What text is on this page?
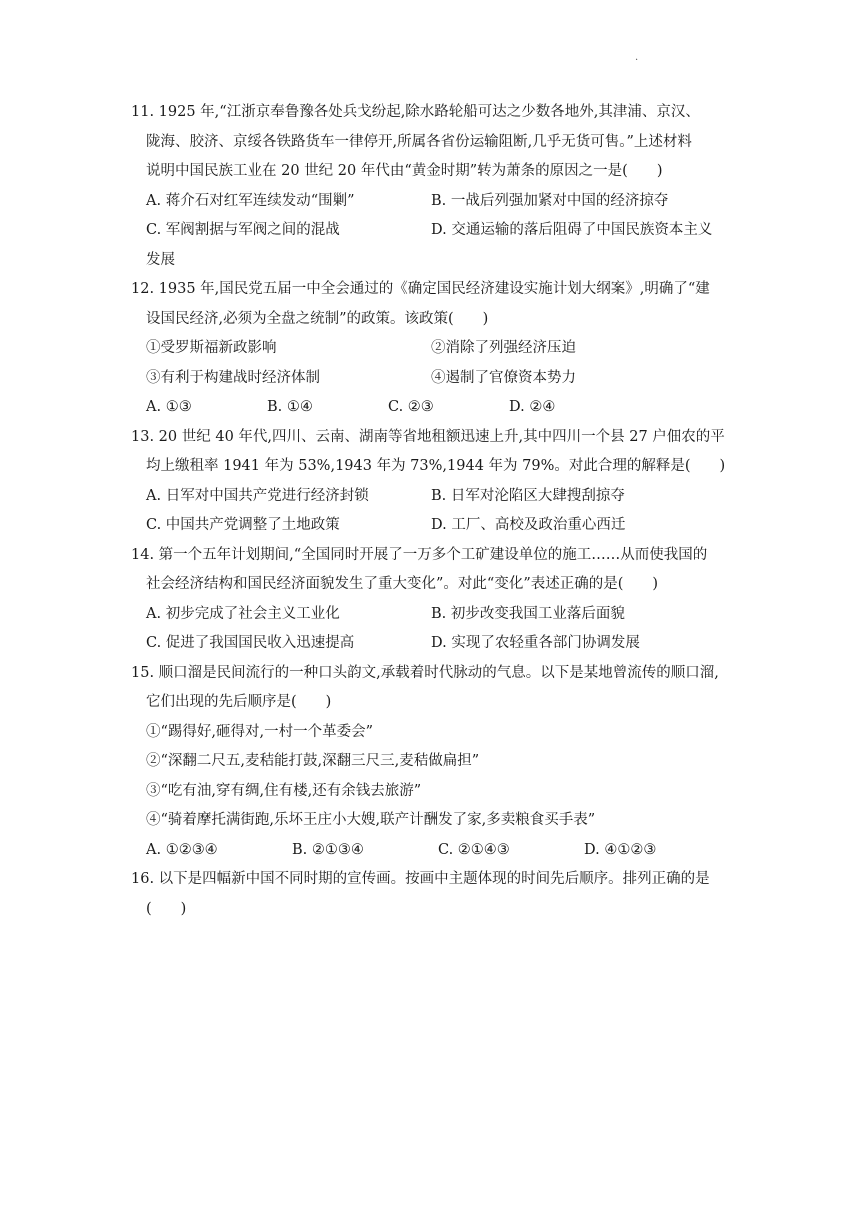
.
11. 1925 年,“江浙京奉鲁豫各处兵戈纷起,除水路轮船可达之少数各地外,其津浦、京汉、
陇海、胶济、京绥各铁路货车一律停开,所属各省份运输阻断,几乎无货可售。”上述材料
说明中国民族工业在 20 世纪 20 年代由“黄金时期”转为萧条的原因之一是(　　)
A. 蒋介石对红军连续发动“围剿”	B. 一战后列强加紧对中国的经济掠夺
C. 军阀割据与军阀之间的混战	D. 交通运输的落后阻碍了中国民族资本主义
发展
12. 1935 年,国民党五届一中全会通过的《确定国民经济建设实施计划大纲案》,明确了“建
设国民经济,必须为全盘之统制”的政策。该政策(　　)
①受罗斯福新政影响	②消除了列强经济压迫
③有利于构建战时经济体制	④遏制了官僚资本势力
A. ①③	B. ①④	C. ②③	D. ②④
13. 20 世纪 40 年代,四川、云南、湖南等省地租额迅速上升,其中四川一个县 27 户佃农的平
均上缴租率 1941 年为 53%,1943 年为 73%,1944 年为 79%。对此合理的解释是(　　)
A. 日军对中国共产党进行经济封锁	B. 日军对沦陷区大肆搜刮掠夺
C. 中国共产党调整了土地政策	D. 工厂、高校及政治重心西迁
14. 第一个五年计划期间,“全国同时开展了一万多个工矿建设单位的施工……从而使我国的
社会经济结构和国民经济面貌发生了重大变化”。对此“变化”表述正确的是(　　)
A. 初步完成了社会主义工业化	B. 初步改变我国工业落后面貌
C. 促进了我国国民收入迅速提高	D. 实现了农轻重各部门协调发展
15. 顺口溜是民间流行的一种口头韵文,承载着时代脉动的气息。以下是某地曾流传的顺口溜,
它们出现的先后顺序是(　　)
①“踢得好,砸得对,一村一个革委会”
②“深翻二尺五,麦秸能打鼓,深翻三尺三,麦秸做扁担”
③“吃有油,穿有绸,住有楼,还有余钱去旅游”
④“骑着摩托满街跑,乐坏王庄小大嫂,联产计酬发了家,多卖粮食买手表”
A. ①②③④	B. ②①③④	C. ②①④③	D. ④①②③
16. 以下是四幅新中国不同时期的宣传画。按画中主题体现的时间先后顺序。排列正确的是
(　　)
